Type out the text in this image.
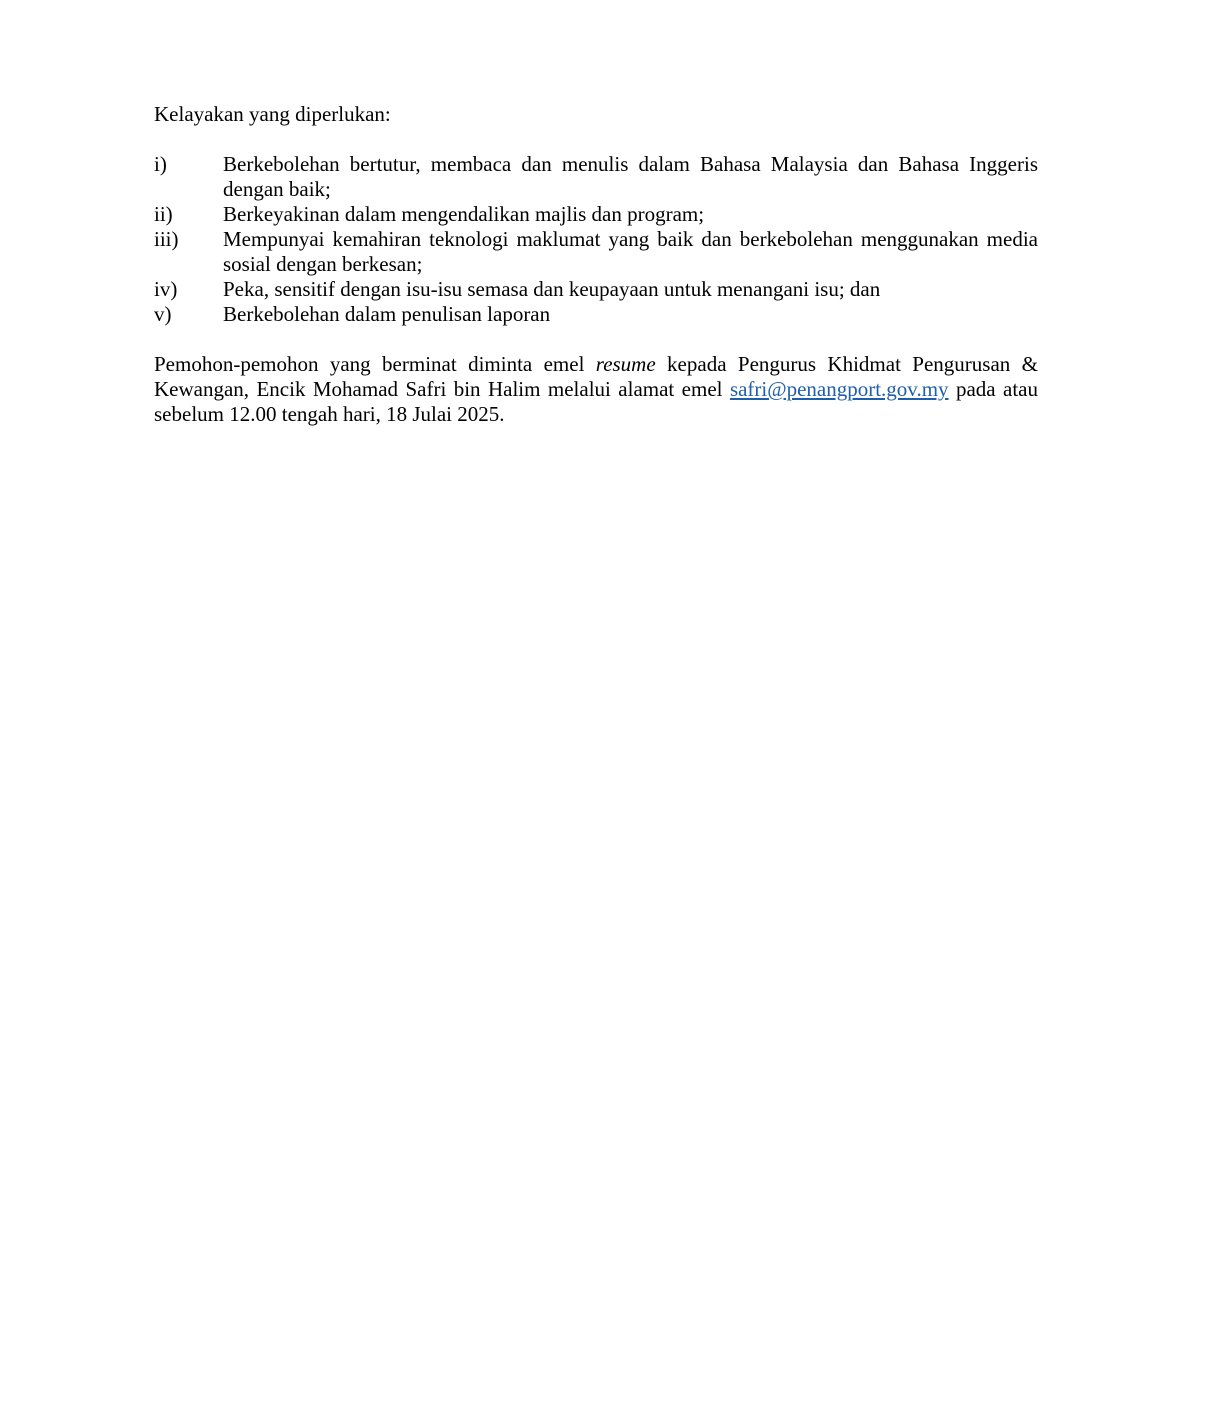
Kelayakan yang diperlukan:

i)	Berkebolehan bertutur, membaca dan menulis dalam Bahasa Malaysia dan Bahasa Inggeris dengan baik;
ii)	Berkeyakinan dalam mengendalikan majlis dan program;
iii)	Mempunyai kemahiran teknologi maklumat yang baik dan berkebolehan menggunakan media sosial dengan berkesan;
iv)	Peka, sensitif dengan isu-isu semasa dan keupayaan untuk menangani isu; dan
v)	Berkebolehan dalam penulisan laporan

Pemohon-pemohon yang berminat diminta emel resume kepada Pengurus Khidmat Pengurusan & Kewangan, Encik Mohamad Safri bin Halim melalui alamat emel safri@penangport.gov.my pada atau sebelum 12.00 tengah hari, 18 Julai 2025.
